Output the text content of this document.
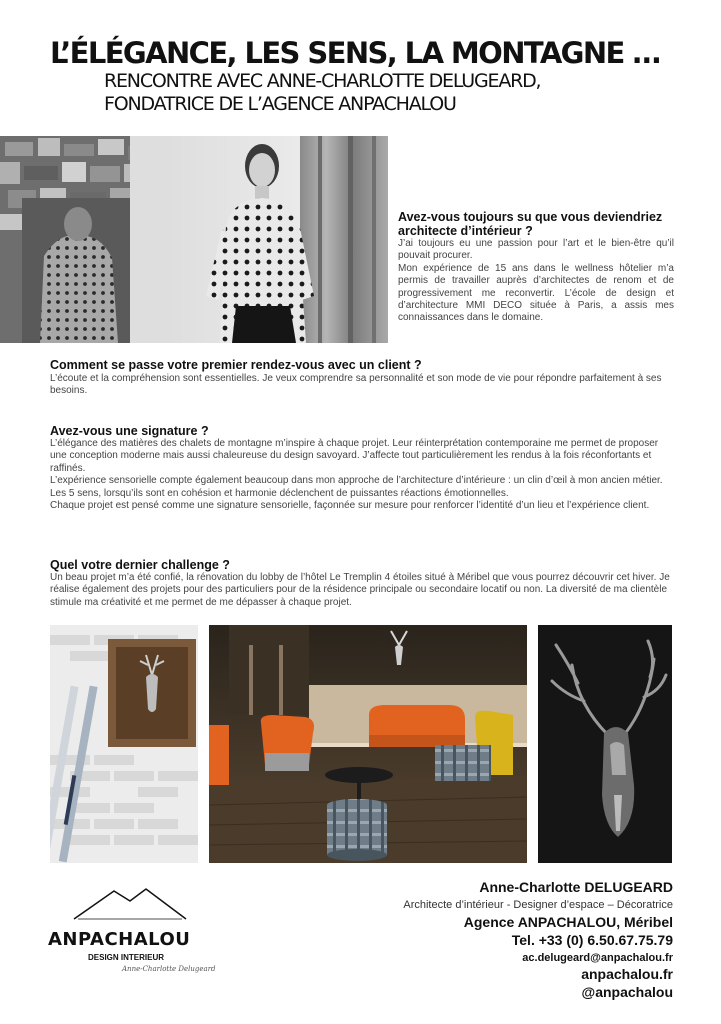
L’ÉLÉGANCE, LES SENS, LA MONTAGNE …
RENCONTRE AVEC ANNE-CHARLOTTE DELUGEARD,
FONDATRICE DE L’AGENCE ANPACHALOU
Avez-vous toujours su que vous deviendriez architecte d’intérieur ?

J’ai toujours eu une passion pour l’art et le bien-être qu’il pouvait procurer.

Mon expérience de 15 ans dans le wellness hôtelier m’a permis de travailler auprès d’architectes de renom et de progressivement me reconvertir. L’école de design et d’architecture MMI DECO située à Paris, a assis mes connaissances dans le domaine.

Comment se passe votre premier rendez-vous avec un client ?

L’écoute et la compréhension sont essentielles. Je veux comprendre sa personnalité et son mode de vie pour répondre parfaitement à ses besoins.

Avez-vous une signature ?

L’élégance des matières des chalets de montagne m’inspire à chaque projet. Leur réinterprétation contemporaine me permet de proposer une conception moderne mais aussi chaleureuse du design savoyard. J’affecte tout particulièrement les rendus à la fois réconfortants et raffinés.

L’expérience sensorielle compte également beaucoup dans mon approche de l’architecture d’intérieure : un clin d’œil à mon ancien métier. Les 5 sens, lorsqu’ils sont en cohésion et harmonie déclenchent de puissantes réactions émotionnelles.

Chaque projet est pensé comme une signature sensorielle, façonnée sur mesure pour renforcer l’identité d’un lieu et l’expérience client.

Quel votre dernier challenge ?

Un beau projet m’a été confié, la rénovation du lobby de l’hôtel Le Tremplin 4 étoiles situé à Méribel que vous pourrez découvrir cet hiver. Je réalise également des projets pour des particuliers pour de la résidence principale ou secondaire locatif ou non. La diversité de ma clientèle stimule ma créativité et me permet de me dépasser à chaque projet.

ANPACHALOU
DESIGN INTERIEUR
Anne-Charlotte Delugeard
Anne-Charlotte DELUGEARD
Architecte d’intérieur - Designer d’espace – Décoratrice
Agence ANPACHALOU, Méribel
Tel. +33 (0) 6.50.67.75.79
ac.delugeard@anpachalou.fr
anpachalou.fr
@anpachalou
